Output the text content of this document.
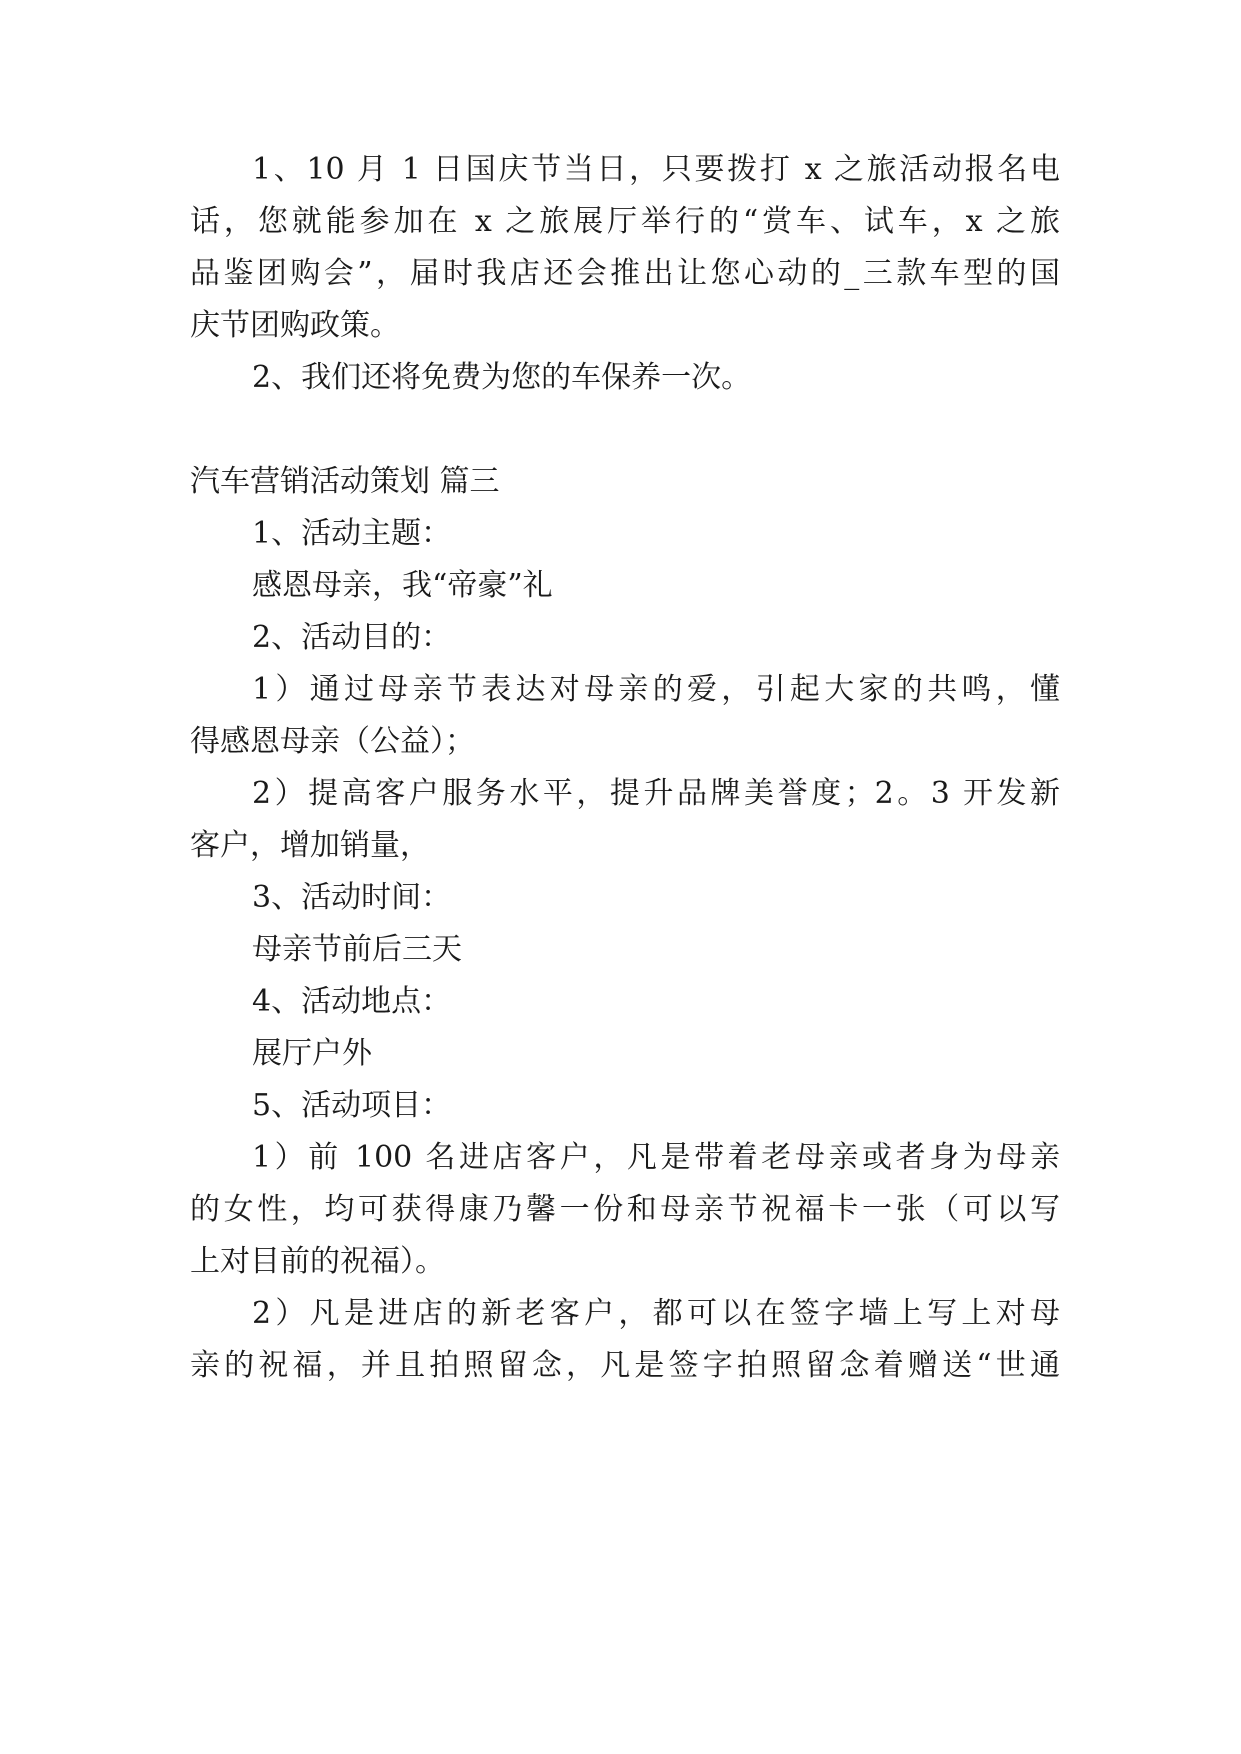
1、10 月 1 日国庆节当日，只要拨打 x 之旅活动报名电
话，您就能参加在 x 之旅展厅举行的“赏车、试车，x 之旅
品鉴团购会”，届时我店还会推出让您心动的_三款车型的国
庆节团购政策。
2、我们还将免费为您的车保养一次。
汽车营销活动策划 篇三
1、活动主题：
感恩母亲，我“帝豪”礼
2、活动目的：
1）通过母亲节表达对母亲的爱，引起大家的共鸣，懂
得感恩母亲（公益）；
2）提高客户服务水平，提升品牌美誉度；2。3 开发新
客户，增加销量，
3、活动时间：
母亲节前后三天
4、活动地点：
展厅户外
5、活动项目：
1）前 100 名进店客户，凡是带着老母亲或者身为母亲
的女性，均可获得康乃馨一份和母亲节祝福卡一张（可以写
上对目前的祝福）。
2）凡是进店的新老客户，都可以在签字墙上写上对母
亲的祝福，并且拍照留念，凡是签字拍照留念着赠送“世通
